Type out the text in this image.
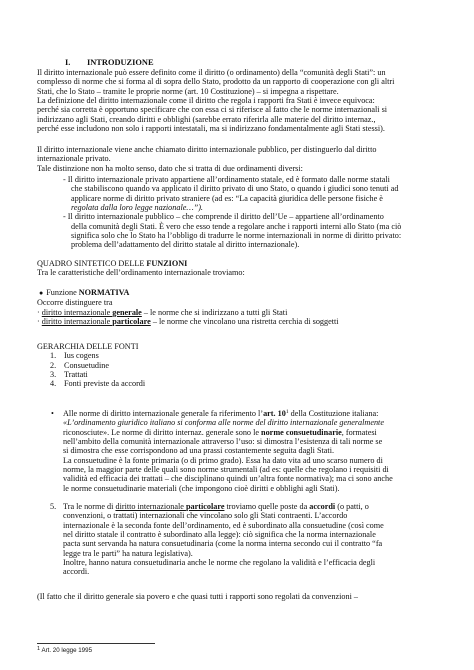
I. INTRODUZIONE

Il diritto internazionale può essere definito come il diritto (o ordinamento) della “comunità degli Stati”: un

complesso di norme che si forma al di sopra dello Stato, prodotto da un rapporto di cooperazione con gli altri

Stati, che lo Stato – tramite le proprie norme (art. 10 Costituzione) – si impegna a rispettare.

La definizione del diritto internazionale come il diritto che regola i rapporti fra Stati è invece equivoca:

perché sia corretta è opportuno specificare che con essa ci si riferisce al fatto che le norme internazionali si

indirizzano agli Stati, creando diritti e obblighi (sarebbe errato riferirla alle materie del diritto internaz.,

perché esse includono non solo i rapporti intestatali, ma si indirizzano fondamentalmente agli Stati stessi).

Il diritto internazionale viene anche chiamato diritto internazionale pubblico, per distinguerlo dal diritto

internazionale privato.

Tale distinzione non ha molto senso, dato che si tratta di due ordinamenti diversi:

- Il diritto internazionale privato appartiene all’ordinamento statale, ed è formato dalle norme statali

che stabiliscono quando va applicato il diritto privato di uno Stato, o quando i giudici sono tenuti ad

applicare norme di diritto privato straniere (ad es: “La capacità giuridica delle persone fisiche è

regolata dalla loro legge nazionale…”).

- Il diritto internazionale pubblico – che comprende il diritto dell’Ue – appartiene all’ordinamento

della comunità degli Stati. È vero che esso tende a regolare anche i rapporti interni allo Stato (ma ciò

significa solo che lo Stato ha l’obbligo di tradurre le norme internazionali in norme di diritto privato:

problema dell’adattamento del diritto statale al diritto internazionale).

QUADRO SINTETICO DELLE FUNZIONI

Tra le caratteristiche dell’ordinamento internazionale troviamo:

● Funzione NORMATIVA

Occorre distinguere tra

· diritto internazionale generale – le norme che si indirizzano a tutti gli Stati

· diritto internazionale particolare – le norme che vincolano una ristretta cerchia di soggetti

GERARCHIA DELLE FONTI

1. Ius cogens
2. Consuetudine
3. Trattati
4. Fonti previste da accordi
•	Alle norme di diritto internazionale generale fa riferimento l’art. $10^1$ della Costituzione italiana:

«L’ordinamento giuridico italiano si conforma alle norme del diritto internazionale generalmente

riconosciute». Le norme di diritto internaz. generale sono le norme consuetudinarie, formatesi

nell’ambito della comunità internazionale attraverso l’uso: si dimostra l’esistenza di tali norme se

si dimostra che esse corrispondono ad una prassi costantemente seguita dagli Stati.

La consuetudine è la fonte primaria (o di primo grado). Essa ha dato vita ad uno scarso numero di

norme, la maggior parte delle quali sono norme strumentali (ad es: quelle che regolano i requisiti di

validità ed efficacia dei trattati – che disciplinano quindi un’altra fonte normativa); ma ci sono anche

le norme consuetudinarie materiali (che impongono cioè diritti e obblighi agli Stati).

5. Tra le norme di diritto internazionale particolare troviamo quelle poste da accordi (o patti, o

convenzioni, o trattati) internazionali che vincolano solo gli Stati contraenti. L’accordo

internazionale è la seconda fonte dell’ordinamento, ed è subordinato alla consuetudine (così come

nel diritto statale il contratto è subordinato alla legge): ciò significa che la norma internazionale

pacta sunt servanda ha natura consuetudinaria (come la norma interna secondo cui il contratto “fa

legge tra le parti” ha natura legislativa).

Inoltre, hanno natura consuetudinaria anche le norme che regolano la validità e l’efficacia degli

accordi.

(Il fatto che il diritto generale sia povero e che quasi tutti i rapporti sono regolati da convenzioni –

$^1$ Art. 20 legge 1995
